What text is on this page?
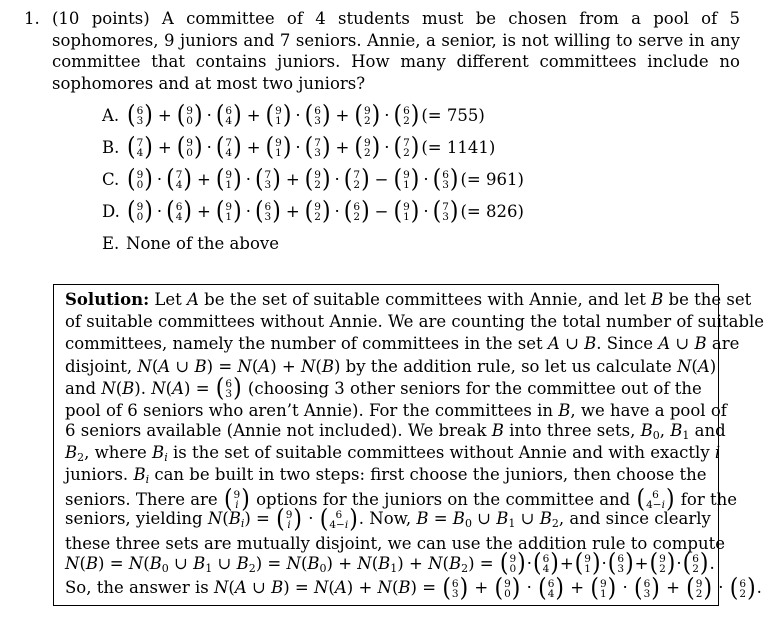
1. (10 points) A committee of 4 students must be chosen from a pool of 5 sophomores, 9 juniors and 7 seniors. Annie, a senior, is not willing to serve in any committee that contains juniors. How many different committees include no sophomores and at most two juniors?
A. ( 6
3 ) + ( 9
0 ) · ( 6
4 ) + ( 9
1 ) · ( 6
3 ) + ( 9
2 ) · ( 6
2 ) (= 755)
B. ( 7
4 ) + ( 9
0 ) · ( 7
4 ) + ( 9
1 ) · ( 7
3 ) + ( 9
2 ) · ( 7
2 ) (= 1141)
C. ( 9
0 ) · ( 7
4 ) + ( 9
1 ) · ( 7
3 ) + ( 9
2 ) · ( 7
2 ) − ( 9
1 ) · ( 6
3 ) (= 961)
D. ( 9
0 ) · ( 6
4 ) + ( 9
1 ) · ( 6
3 ) + ( 9
2 ) · ( 6
2 ) − ( 9
1 ) · ( 7
3 ) (= 826)
E. None of the above
Solution: Let A be the set of suitable committees with Annie, and let B be the set
of suitable committees without Annie. We are counting the total number of suitable
committees, namely the number of committees in the set A ∪ B. Since A ∪ B are
disjoint, N(A ∪ B) = N(A) + N(B) by the addition rule, so let us calculate N(A)
and N(B). N(A) = ( 6
3 ) (choosing 3 other seniors for the committee out of the
pool of 6 seniors who aren’t Annie). For the committees in B, we have a pool of
6 seniors available (Annie not included). We break B into three sets, $B_0$, $B_1$ and
$B_2$, where Bi is the set of suitable committees without Annie and with exactly i
juniors. Bi can be built in two steps: first choose the juniors, then choose the
seniors. There are ( 9
i ) options for the juniors on the committee and ( 6
4−i ) for the
seniors, yielding N(Bi) = ( 9
i ) · ( 6
4−i ) . Now, $B = B_0$ ∪ $B_1$ ∪ $B_2$, and since clearly
these three sets are mutually disjoint, we can use the addition rule to compute
$N(B) = N(B_0$ ∪ $B_1$ ∪ $B_2) = N(B_0) + N(B_1) + N(B_2)$ = ( 9
0 ) · ( 6
4 ) + ( 9
1 ) · ( 6
3 ) + ( 9
2 ) · ( 6
2 ) .
So, the answer is N(A ∪ B) = N(A) + N(B) = ( 6
3 ) + ( 9
0 ) · ( 6
4 ) + ( 9
1 ) · ( 6
3 ) + ( 9
2 ) · ( 6
2 ) .
